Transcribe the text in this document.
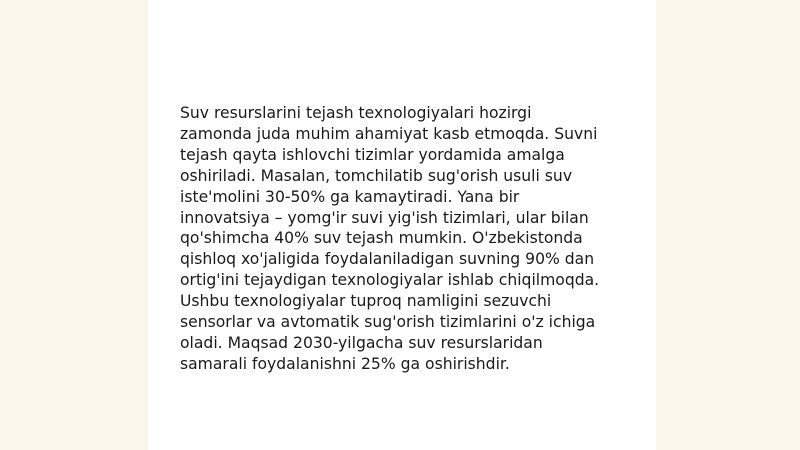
Suv resurslarini tejash texnologiyalari hozirgi
zamonda juda muhim ahamiyat kasb etmoqda. Suvni
tejash qayta ishlovchi tizimlar yordamida amalga
oshiriladi. Masalan, tomchilatib sug'orish usuli suv
iste'molini 30-50% ga kamaytiradi. Yana bir
innovatsiya – yomg'ir suvi yig'ish tizimlari, ular bilan
qo'shimcha 40% suv tejash mumkin. O'zbekistonda
qishloq xo'jaligida foydalaniladigan suvning 90% dan
ortig'ini tejaydigan texnologiyalar ishlab chiqilmoqda.
Ushbu texnologiyalar tuproq namligini sezuvchi
sensorlar va avtomatik sug'orish tizimlarini o'z ichiga
oladi. Maqsad 2030-yilgacha suv resurslaridan
samarali foydalanishni 25% ga oshirishdir.
